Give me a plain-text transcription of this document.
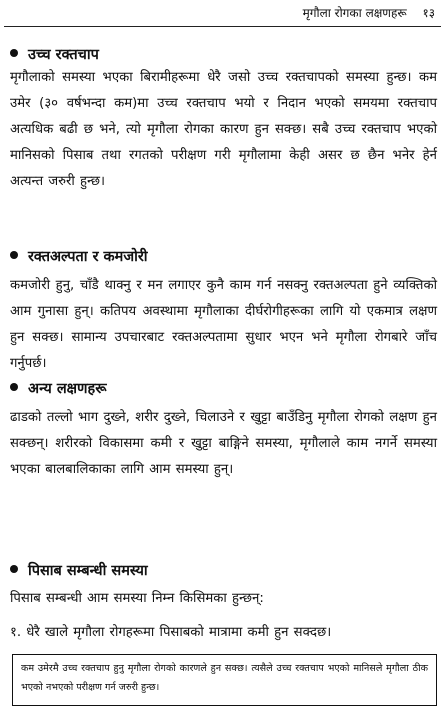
मृगौला रोगका लक्षणहरू १३
उच्च रक्तचाप

मृगौलाको समस्या भएका बिरामीहरूमा धेरै जसो उच्च रक्तचापको समस्या हुन्छ। कम उमेर (३० वर्षभन्दा कम)मा उच्च रक्तचाप भयो र निदान भएको समयमा रक्तचाप अत्यधिक बढी छ भने, त्यो मृगौला रोगका कारण हुन सक्छ। सबै उच्च रक्तचाप भएको मानिसको पिसाब तथा रगतको परीक्षण गरी मृगौलामा केही असर छ छैन भनेर हेर्न अत्यन्त जरुरी हुन्छ।

रक्तअल्पता र कमजोरी

कमजोरी हुनु, चाँडै थाक्नु र मन लगाएर कुनै काम गर्न नसक्नु रक्तअल्पता हुने व्यक्तिको आम गुनासा हुन्। कतिपय अवस्थामा मृगौलाका दीर्घरोगीहरूका लागि यो एकमात्र लक्षण हुन सक्छ। सामान्य उपचारबाट रक्तअल्पतामा सुधार भएन भने मृगौला रोगबारे जाँच गर्नुपर्छ।

अन्य लक्षणहरू

ढाडको तल्लो भाग दुख्ने, शरीर दुख्ने, चिलाउने र खुट्टा बाउँडिनु मृगौला रोगको लक्षण हुन सक्छन्। शरीरको विकासमा कमी र खुट्टा बाङ्गिने समस्या, मृगौलाले काम नगर्ने समस्या भएका बालबालिकाका लागि आम समस्या हुन्।

पिसाब सम्बन्धी समस्या

पिसाब सम्बन्धी आम समस्या निम्न किसिमका हुन्छन्:

१. धेरै खाले मृगौला रोगहरूमा पिसाबको मात्रामा कमी हुन सक्दछ।

कम उमेरमै उच्च रक्तचाप हुनु मृगौला रोगको कारणले हुन सक्छ। त्यसैले उच्च रक्तचाप भएको मानिसले मृगौला ठीक भएको नभएको परीक्षण गर्न जरुरी हुन्छ।
